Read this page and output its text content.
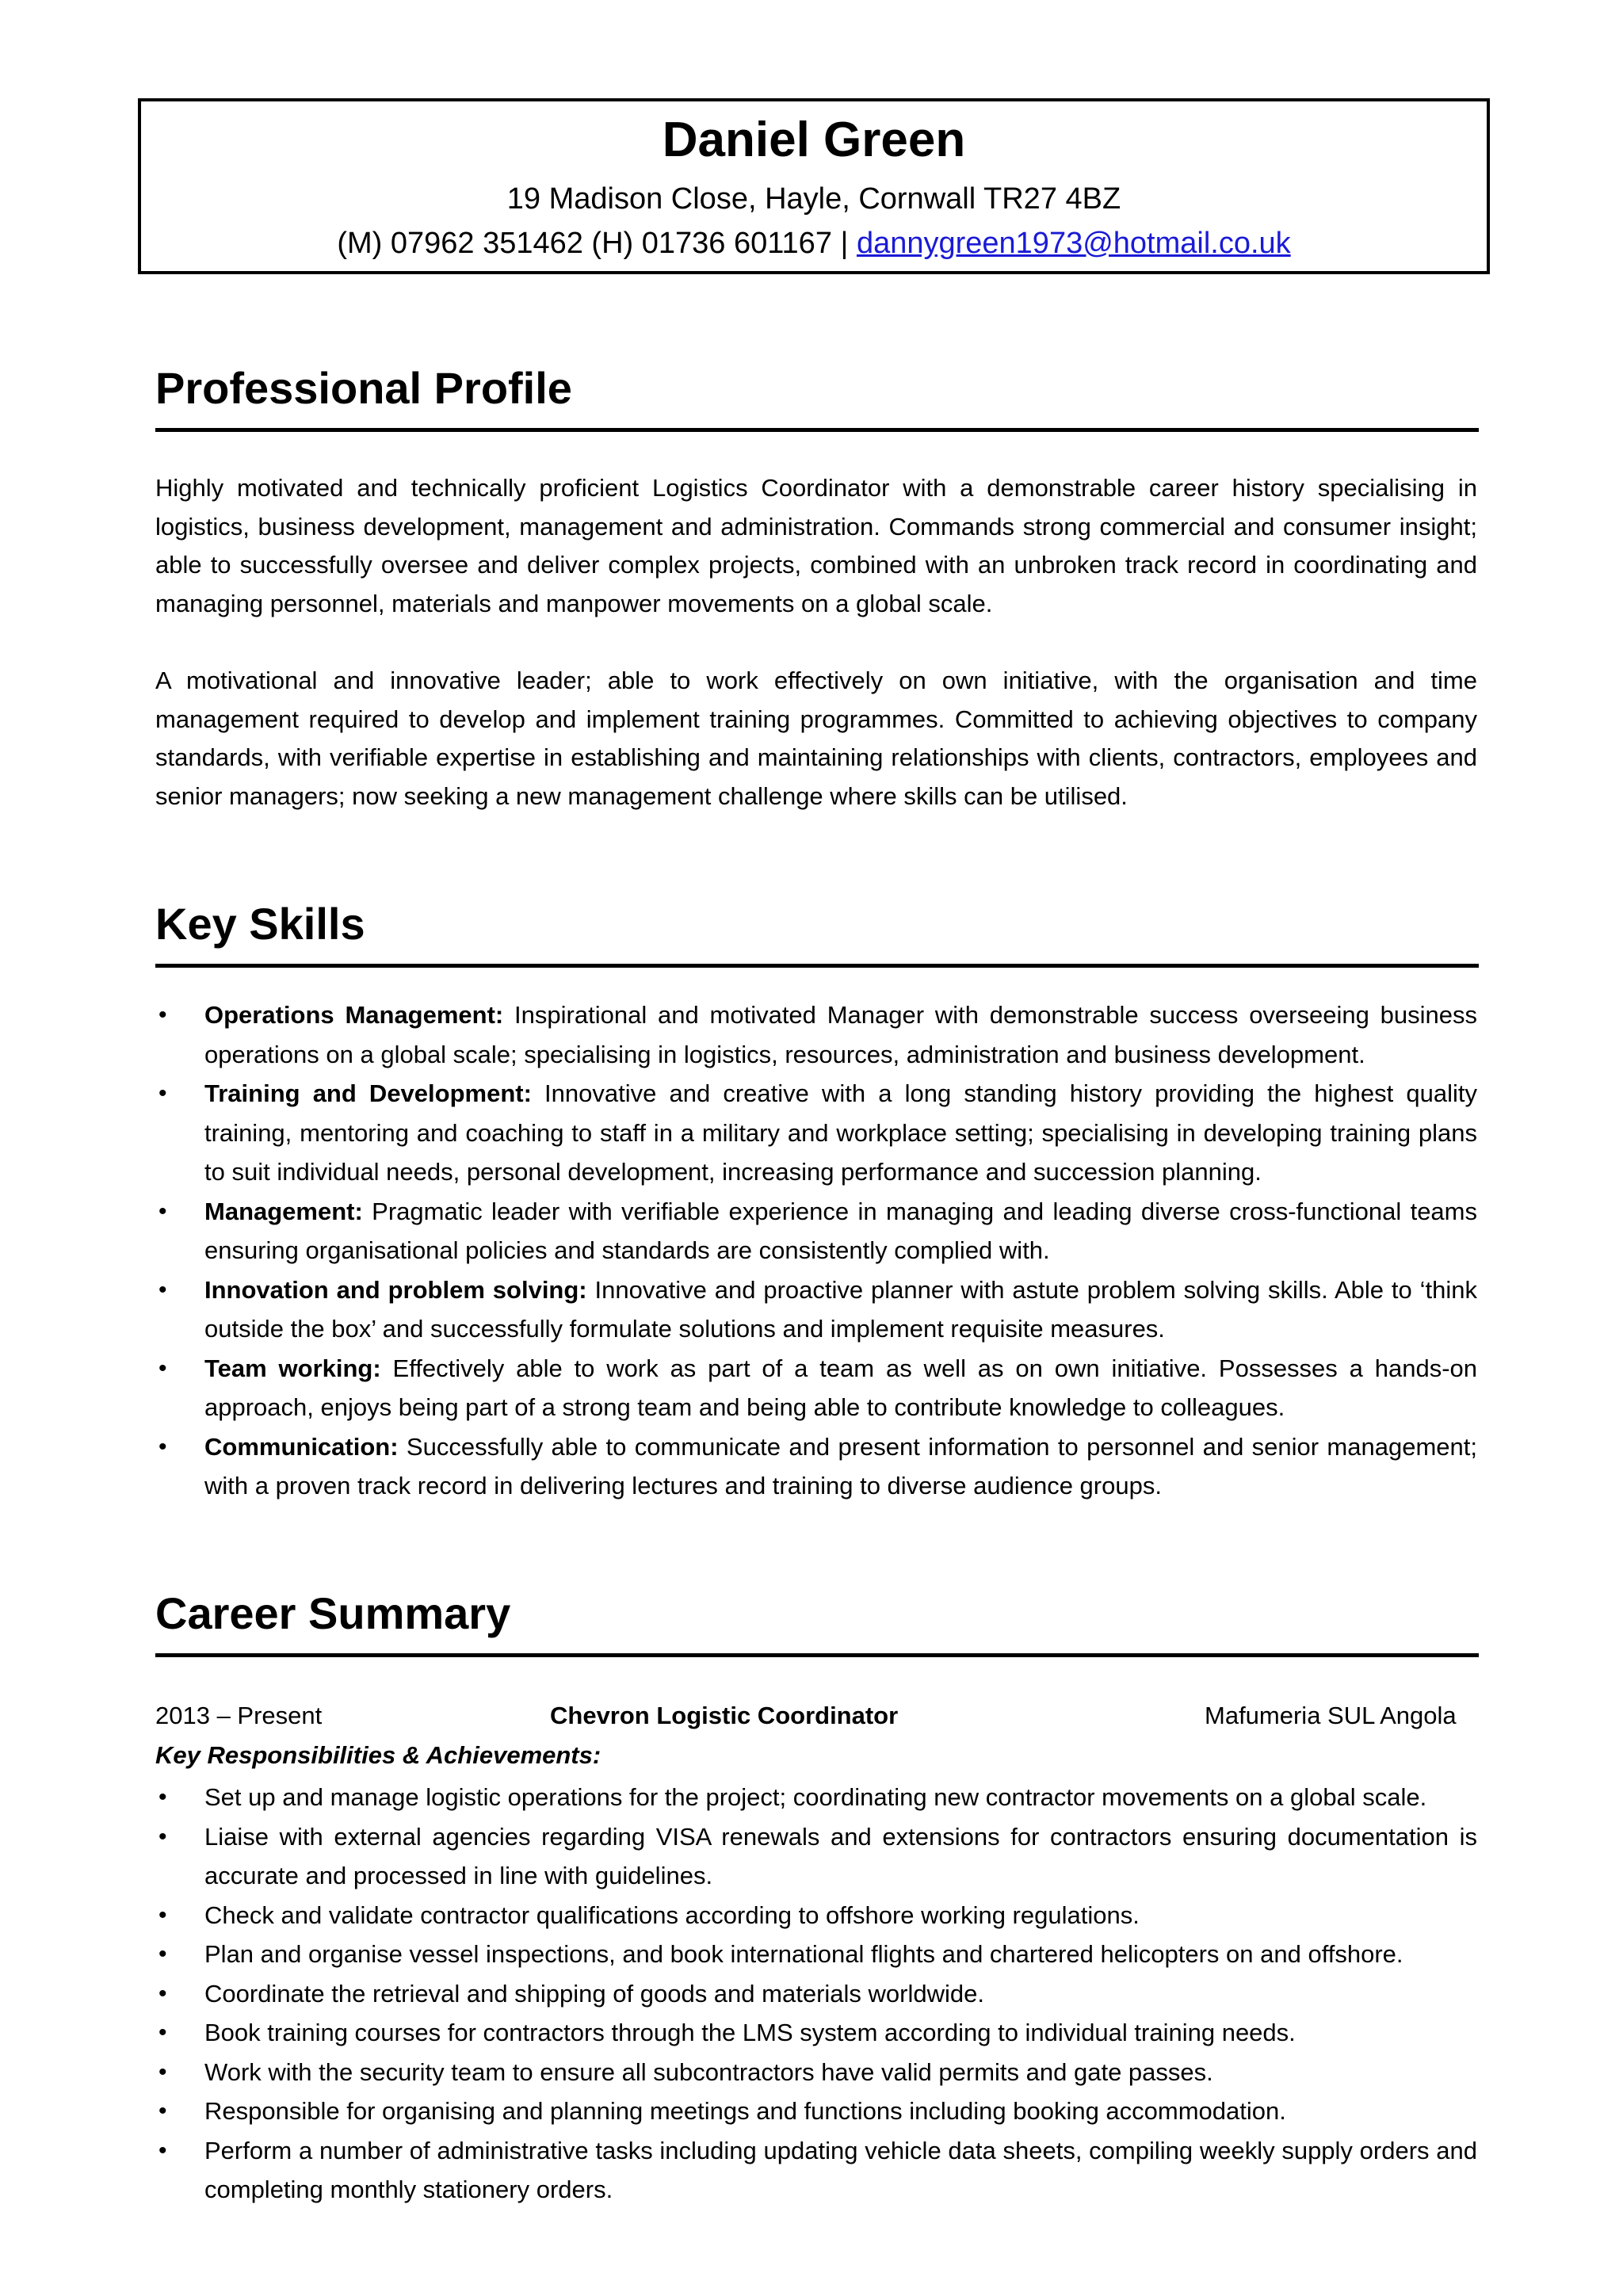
Daniel Green
19 Madison Close, Hayle, Cornwall TR27 4BZ
(M) 07962 351462 (H) 01736 601167 | dannygreen1973@hotmail.co.uk
Professional Profile
Highly motivated and technically proficient Logistics Coordinator with a demonstrable career history specialising in logistics, business development, management and administration. Commands strong commercial and consumer insight; able to successfully oversee and deliver complex projects, combined with an unbroken track record in coordinating and managing personnel, materials and manpower movements on a global scale.
A motivational and innovative leader; able to work effectively on own initiative, with the organisation and time management required to develop and implement training programmes. Committed to achieving objectives to company standards, with verifiable expertise in establishing and maintaining relationships with clients, contractors, employees and senior managers; now seeking a new management challenge where skills can be utilised.
Key Skills
• Operations Management: Inspirational and motivated Manager with demonstrable success overseeing business operations on a global scale; specialising in logistics, resources, administration and business development.
• Training and Development: Innovative and creative with a long standing history providing the highest quality training, mentoring and coaching to staff in a military and workplace setting; specialising in developing training plans to suit individual needs, personal development, increasing performance and succession planning.
• Management: Pragmatic leader with verifiable experience in managing and leading diverse cross-functional teams ensuring organisational policies and standards are consistently complied with.
• Innovation and problem solving: Innovative and proactive planner with astute problem solving skills. Able to ‘think outside the box’ and successfully formulate solutions and implement requisite measures.
• Team working: Effectively able to work as part of a team as well as on own initiative. Possesses a hands-on approach, enjoys being part of a strong team and being able to contribute knowledge to colleagues.
• Communication: Successfully able to communicate and present information to personnel and senior management; with a proven track record in delivering lectures and training to diverse audience groups.
Career Summary
2013 – Present	Chevron Logistic Coordinator	Mafumeria SUL Angola
Key Responsibilities & Achievements:
• Set up and manage logistic operations for the project; coordinating new contractor movements on a global scale.
• Liaise with external agencies regarding VISA renewals and extensions for contractors ensuring documentation is accurate and processed in line with guidelines.
• Check and validate contractor qualifications according to offshore working regulations.
• Plan and organise vessel inspections, and book international flights and chartered helicopters on and offshore.
• Coordinate the retrieval and shipping of goods and materials worldwide.
• Book training courses for contractors through the LMS system according to individual training needs.
• Work with the security team to ensure all subcontractors have valid permits and gate passes.
• Responsible for organising and planning meetings and functions including booking accommodation.
• Perform a number of administrative tasks including updating vehicle data sheets, compiling weekly supply orders and completing monthly stationery orders.
